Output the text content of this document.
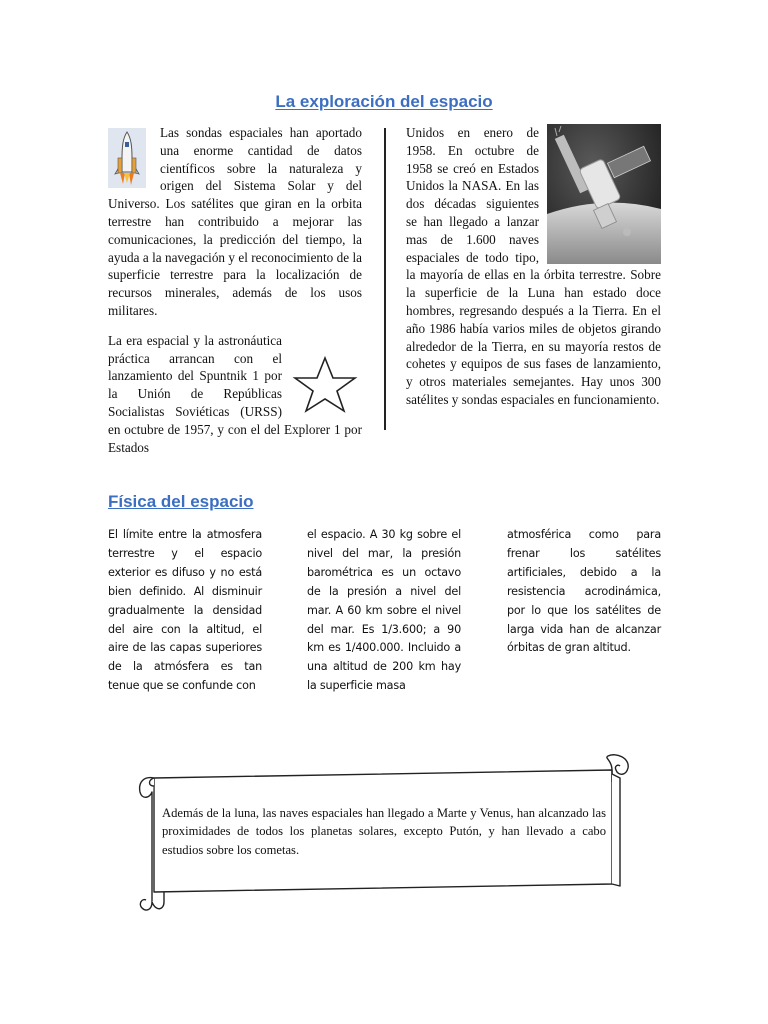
La exploración del espacio
Las sondas espaciales han aportado una enorme cantidad de datos científicos sobre la naturaleza y origen del Sistema Solar y del Universo. Los satélites que giran en la orbita terrestre han contribuido a mejorar las comunicaciones, la predicción del tiempo, la ayuda a la navegación y el reconocimiento de la superficie terrestre para la localización de recursos minerales, además de los usos militares.
La era espacial y la astronáutica práctica arrancan con el lanzamiento del Spuntnik 1 por la Unión de Repúblicas Socialistas Soviéticas (URSS) en octubre de 1957, y con el del Explorer 1 por Estados
Unidos en enero de 1958. En octubre de 1958 se creó en Estados Unidos la NASA. En las dos décadas siguientes se han llegado a lanzar mas de 1.600 naves espaciales de todo tipo, la mayoría de ellas en la órbita terrestre. Sobre la superficie de la Luna han estado doce hombres, regresando después a la Tierra. En el año 1986 había varios miles de objetos girando alrededor de la Tierra, en su mayoría restos de cohetes y equipos de sus fases de lanzamiento, y otros materiales semejantes. Hay unos 300 satélites y sondas espaciales en funcionamiento.
Física del espacio
El límite entre la atmosfera terrestre y el espacio exterior es difuso y no está bien definido. Al disminuir gradualmente la densidad del aire con la altitud, el aire de las capas superiores de la atmósfera es tan tenue que se confunde con
el espacio. A 30 kg sobre el nivel del mar, la presión barométrica es un octavo de la presión a nivel del mar. A 60 km sobre el nivel del mar. Es 1/3.600; a 90 km es 1/400.000. Incluido a una altitud de 200 km hay la superficie masa
atmosférica como para frenar los satélites artificiales, debido a la resistencia acrodinámica, por lo que los satélites de larga vida han de alcanzar órbitas de gran altitud.
Además de la luna, las naves espaciales han llegado a Marte y Venus, han alcanzado las proximidades de todos los planetas solares, excepto Putón, y han llevado a cabo estudios sobre los cometas.
